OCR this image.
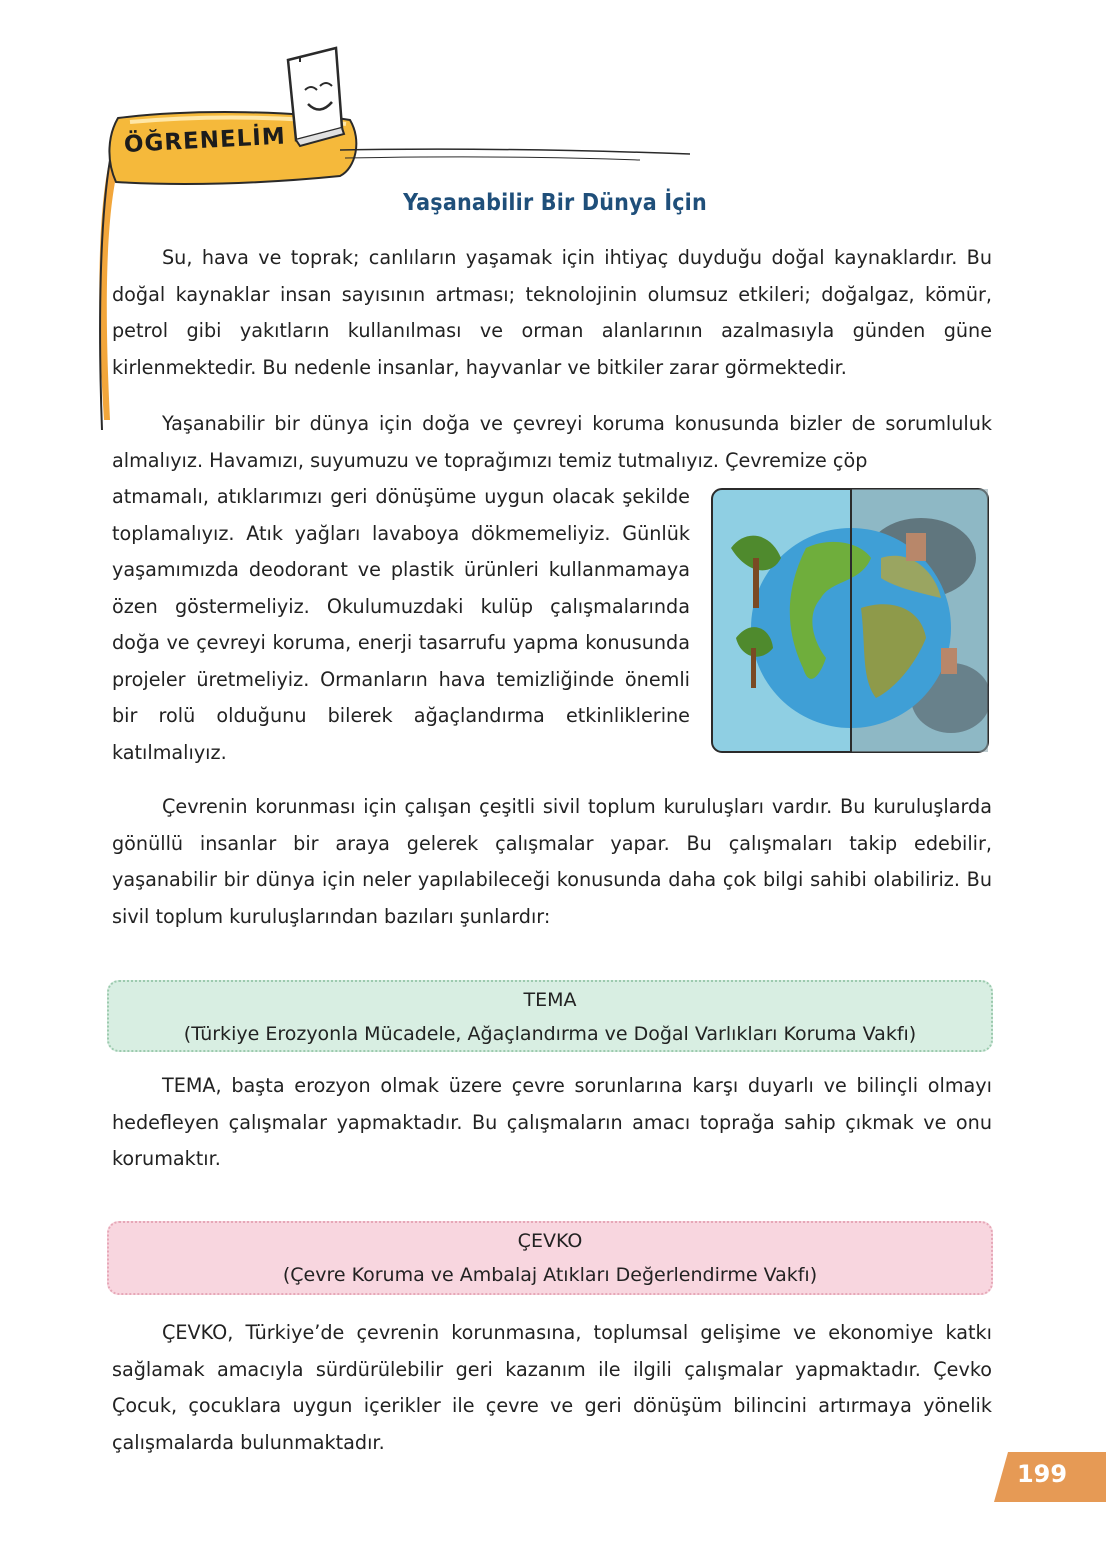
ÖĞRENELİM
Yaşanabilir Bir Dünya İçin

Su, hava ve toprak; canlıların yaşamak için ihtiyaç duyduğu doğal kaynaklardır. Bu doğal kaynaklar insan sayısının artması; teknolojinin olumsuz etkileri; doğalgaz, kömür, petrol gibi yakıtların kullanılması ve orman alanlarının azalmasıyla günden güne kirlenmektedir. Bu nedenle insanlar, hayvanlar ve bitkiler zarar görmektedir.

Yaşanabilir bir dünya için doğa ve çevreyi koruma konusunda bizler de sorumluluk almalıyız. Havamızı, suyumuzu ve toprağımızı temiz tutmalıyız. Çevremize çöp

atmamalı, atıklarımızı geri dönüşüme uygun olacak şekilde toplamalıyız. Atık yağları lavaboya dökmemeliyiz. Günlük yaşamımızda deodorant ve plastik ürünleri kullanmamaya özen göstermeliyiz. Okulumuzdaki kulüp çalışmalarında doğa ve çevreyi koruma, enerji tasarrufu yapma konusunda projeler üretmeliyiz. Ormanların hava temizliğinde önemli bir rolü olduğunu bilerek ağaçlandırma etkinliklerine katılmalıyız.

Çevrenin korunması için çalışan çeşitli sivil toplum kuruluşları vardır. Bu kuruluşlarda gönüllü insanlar bir araya gelerek çalışmalar yapar. Bu çalışmaları takip edebilir, yaşanabilir bir dünya için neler yapılabileceği konusunda daha çok bilgi sahibi olabiliriz. Bu sivil toplum kuruluşlarından bazıları şunlardır:

TEMA
(Türkiye Erozyonla Mücadele, Ağaçlandırma ve Doğal Varlıkları Koruma Vakfı)

TEMA, başta erozyon olmak üzere çevre sorunlarına karşı duyarlı ve bilinçli olmayı hedefleyen çalışmalar yapmaktadır. Bu çalışmaların amacı toprağa sahip çıkmak ve onu korumaktır.

ÇEVKO
(Çevre Koruma ve Ambalaj Atıkları Değerlendirme Vakfı)

ÇEVKO, Türkiye’de çevrenin korunmasına, toplumsal gelişime ve ekonomiye katkı sağlamak amacıyla sürdürülebilir geri kazanım ile ilgili çalışmalar yapmaktadır. Çevko Çocuk, çocuklara uygun içerikler ile çevre ve geri dönüşüm bilincini artırmaya yönelik çalışmalarda bulunmaktadır.

199
